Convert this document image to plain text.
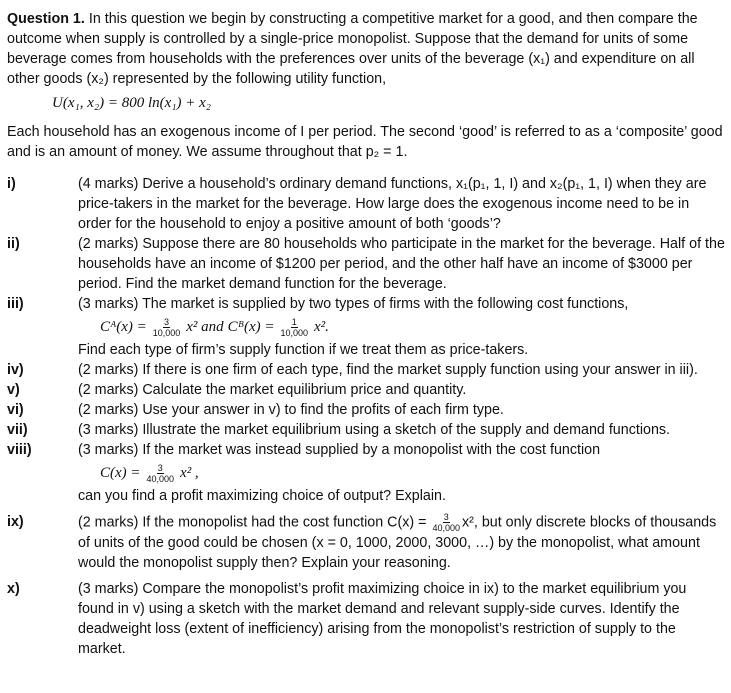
Question 1. In this question we begin by constructing a competitive market for a good, and then compare the outcome when supply is controlled by a single-price monopolist. Suppose that the demand for units of some beverage comes from households with the preferences over units of the beverage (x₁) and expenditure on all other goods (x₂) represented by the following utility function,

U(x₁, x₂) = 800 ln(x₁) + x₂

Each household has an exogenous income of I per period. The second ‘good’ is referred to as a ‘composite’ good and is an amount of money. We assume throughout that p₂ = 1.

i)	(4 marks) Derive a household’s ordinary demand functions, x₁(p₁, 1, I) and x₂(p₁, 1, I) when they are price-takers in the market for the beverage. How large does the exogenous income need to be in order for the household to enjoy a positive amount of both ‘goods’?
ii)	(2 marks) Suppose there are 80 households who participate in the market for the beverage. Half of the households have an income of $1200 per period, and the other half have an income of $3000 per period. Find the market demand function for the beverage.
iii)	(3 marks) The market is supplied by two types of firms with the following cost functions,
Cᴬ(x) = $\frac{3}{10,000} x^2$ and Cᴮ(x) = $\frac{1}{10,000} x^2$.
Find each type of firm’s supply function if we treat them as price-takers.
iv)	(2 marks) If there is one firm of each type, find the market supply function using your answer in iii).
v)	(2 marks) Calculate the market equilibrium price and quantity.
vi)	(2 marks) Use your answer in v) to find the profits of each firm type.
vii)	(3 marks) Illustrate the market equilibrium using a sketch of the supply and demand functions.
viii)	(3 marks) If the market was instead supplied by a monopolist with the cost function
$C(x) = \frac{3}{40,000} x^2$ ,
can you find a profit maximizing choice of output? Explain.
ix)	(2 marks) If the monopolist had the cost function $C(x) = \frac{3}{40,000} x^2$, but only discrete blocks of thousands of units of the good could be chosen (x = 0, 1000, 2000, 3000, …) by the monopolist, what amount would the monopolist supply then? Explain your reasoning.
x)	(3 marks) Compare the monopolist’s profit maximizing choice in ix) to the market equilibrium you found in v) using a sketch with the market demand and relevant supply-side curves. Identify the deadweight loss (extent of inefficiency) arising from the monopolist’s restriction of supply to the market.
